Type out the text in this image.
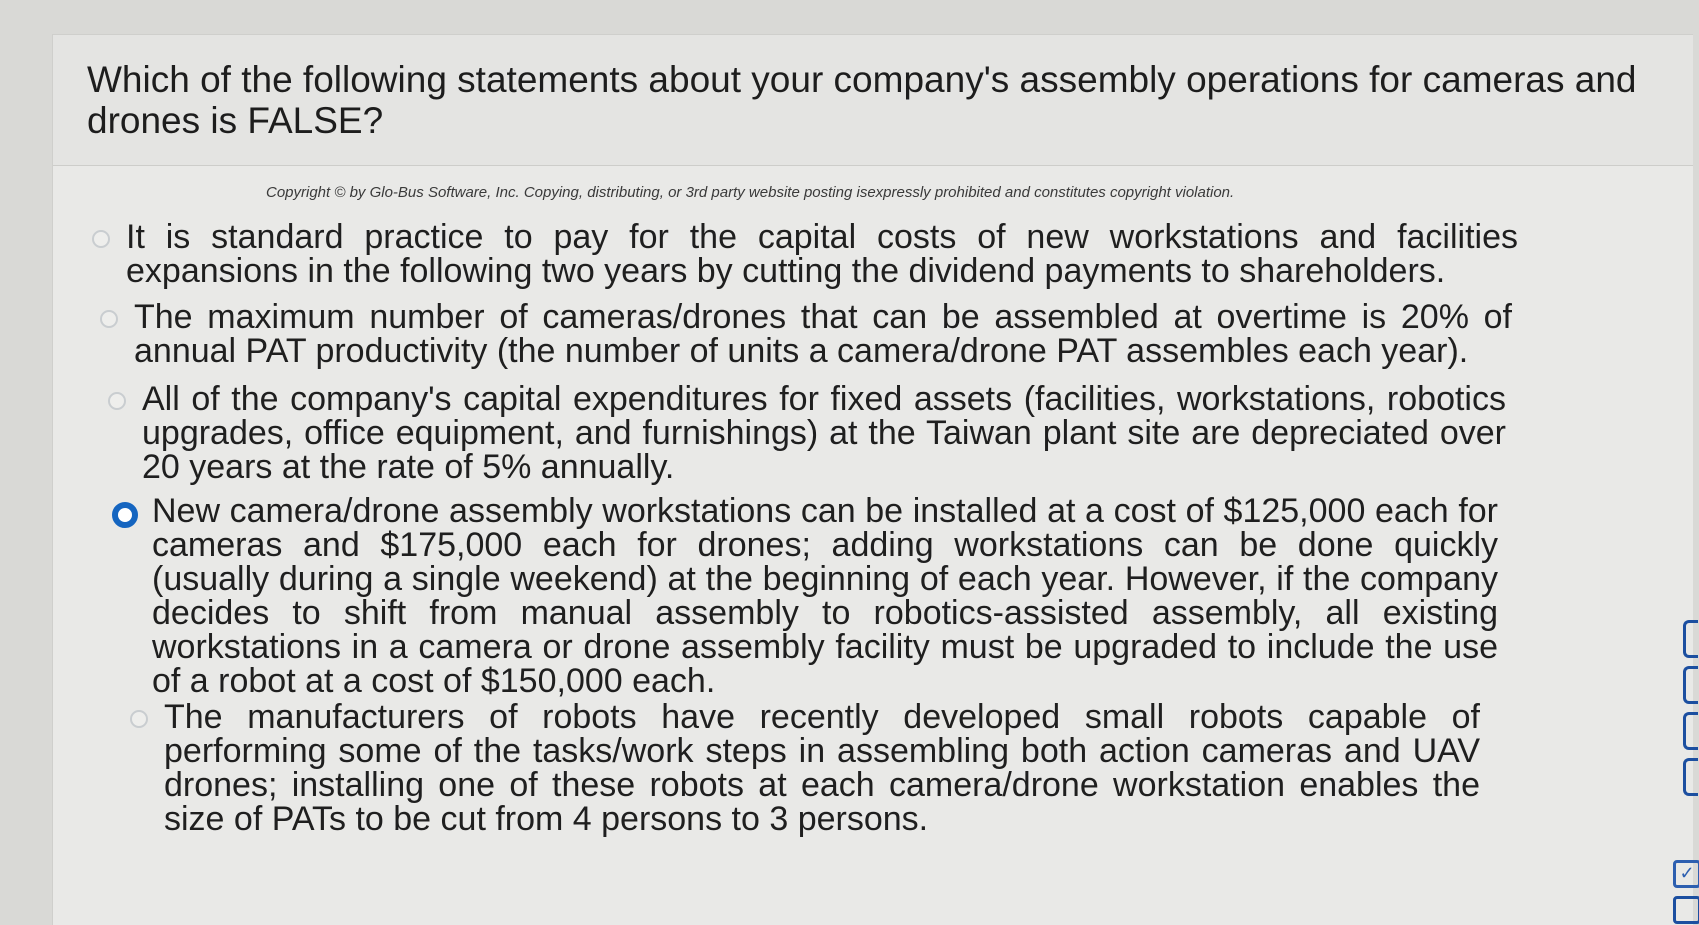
Which of the following statements about your company's assembly operations for cameras and drones is FALSE?
Copyright © by Glo-Bus Software, Inc. Copying, distributing, or 3rd party website posting isexpressly prohibited and constitutes copyright violation.
It is standard practice to pay for the capital costs of new workstations and facilities expansions in the following two years by cutting the dividend payments to shareholders.
The maximum number of cameras/drones that can be assembled at overtime is 20% of annual PAT productivity (the number of units a camera/drone PAT assembles each year).
All of the company's capital expenditures for fixed assets (facilities, workstations, robotics upgrades, office equipment, and furnishings) at the Taiwan plant site are depreciated over 20 years at the rate of 5% annually.
New camera/drone assembly workstations can be installed at a cost of $125,000 each for cameras and $175,000 each for drones; adding workstations can be done quickly (usually during a single weekend) at the beginning of each year. However, if the company decides to shift from manual assembly to robotics-assisted assembly, all existing workstations in a camera or drone assembly facility must be upgraded to include the use of a robot at a cost of $150,000 each.
The manufacturers of robots have recently developed small robots capable of performing some of the tasks/work steps in assembling both action cameras and UAV drones; installing one of these robots at each camera/drone workstation enables the size of PATs to be cut from 4 persons to 3 persons.
✓
